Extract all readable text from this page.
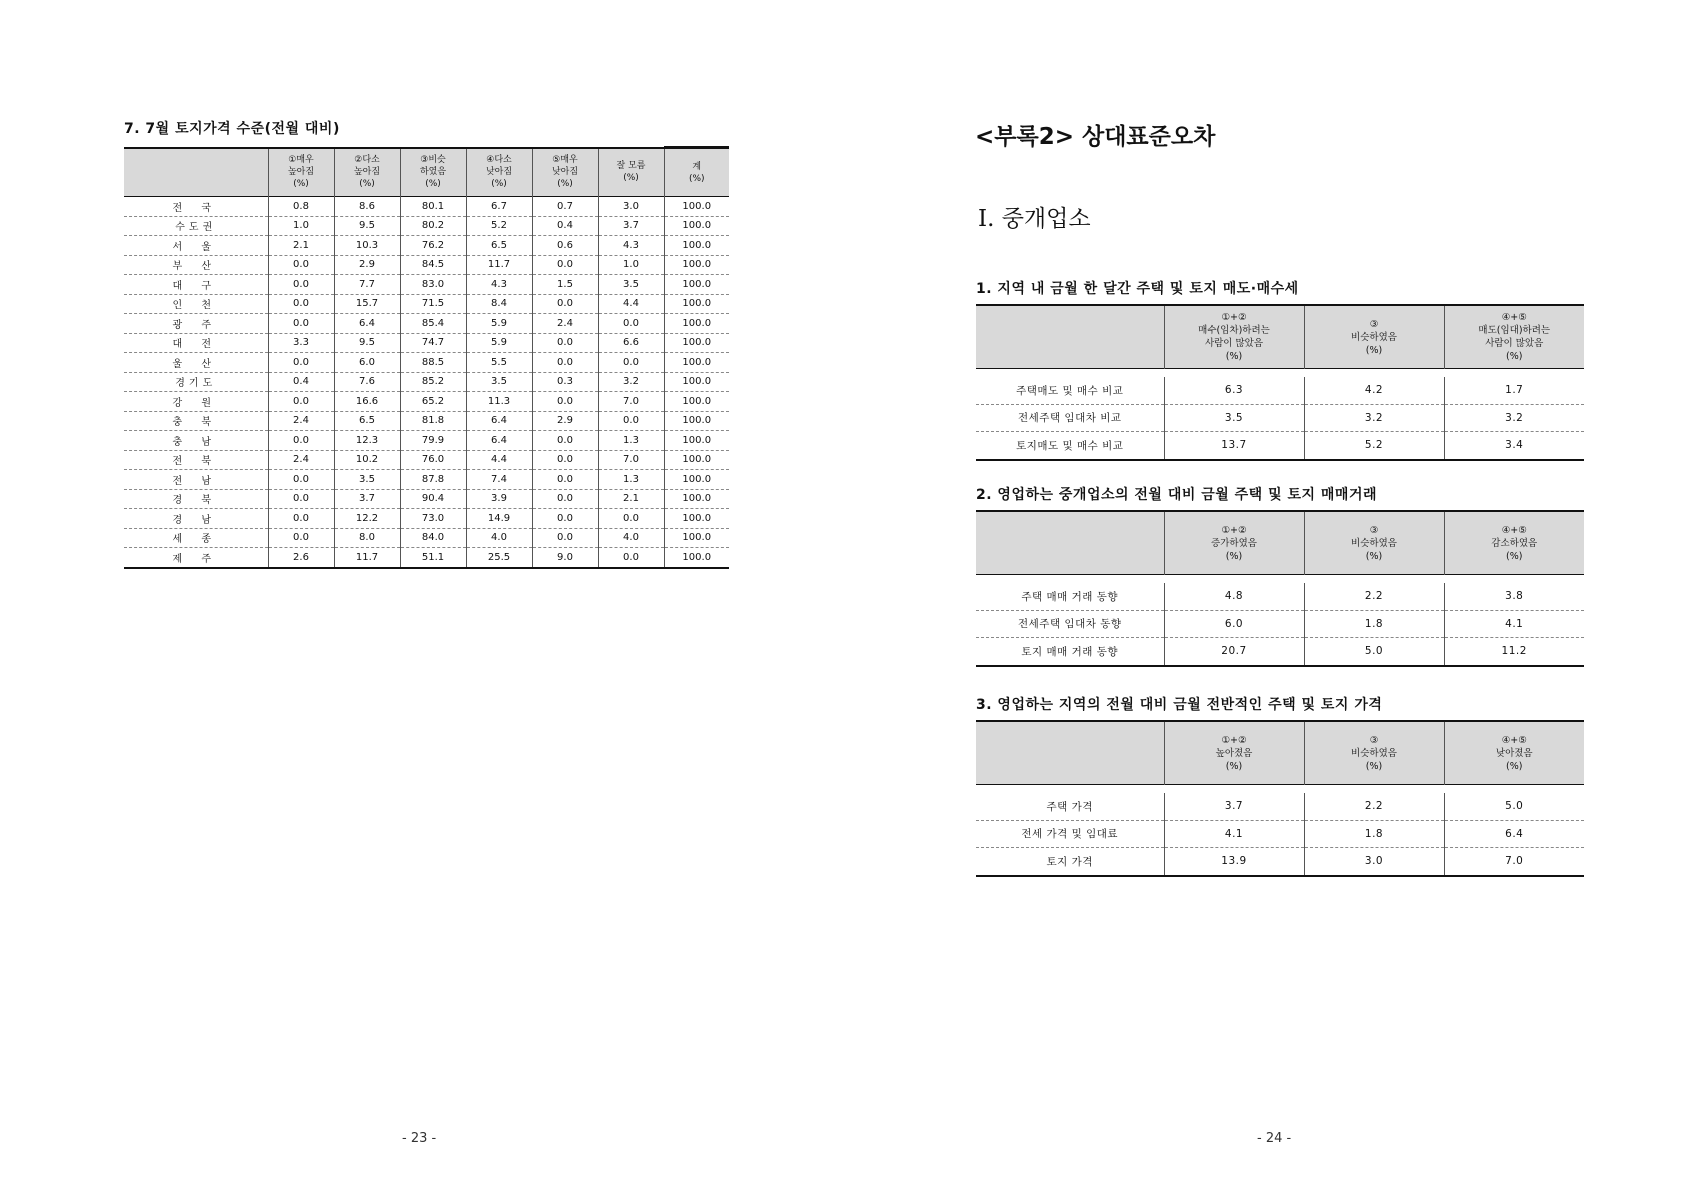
7. 7월 토지가격 수준(전월 대비)
	①매우
높아짐
(%)	②다소
높아짐
(%)	③비슷
하였음
(%)	④다소
낮아짐
(%)	⑤매우
낮아짐
(%)	잘 모름
(%)	계
(%)
전 국	0.8	8.6	80.1	6.7	0.7	3.0	100.0
수도권	1.0	9.5	80.2	5.2	0.4	3.7	100.0
서 울	2.1	10.3	76.2	6.5	0.6	4.3	100.0
부 산	0.0	2.9	84.5	11.7	0.0	1.0	100.0
대 구	0.0	7.7	83.0	4.3	1.5	3.5	100.0
인 천	0.0	15.7	71.5	8.4	0.0	4.4	100.0
광 주	0.0	6.4	85.4	5.9	2.4	0.0	100.0
대 전	3.3	9.5	74.7	5.9	0.0	6.6	100.0
울 산	0.0	6.0	88.5	5.5	0.0	0.0	100.0
경기도	0.4	7.6	85.2	3.5	0.3	3.2	100.0
강 원	0.0	16.6	65.2	11.3	0.0	7.0	100.0
충 북	2.4	6.5	81.8	6.4	2.9	0.0	100.0
충 남	0.0	12.3	79.9	6.4	0.0	1.3	100.0
전 북	2.4	10.2	76.0	4.4	0.0	7.0	100.0
전 남	0.0	3.5	87.8	7.4	0.0	1.3	100.0
경 북	0.0	3.7	90.4	3.9	0.0	2.1	100.0
경 남	0.0	12.2	73.0	14.9	0.0	0.0	100.0
세 종	0.0	8.0	84.0	4.0	0.0	4.0	100.0
제 주	2.6	11.7	51.1	25.5	9.0	0.0	100.0
- 23 -
<부록2> 상대표준오차
Ⅰ. 중개업소
1. 지역 내 금월 한 달간 주택 및 토지 매도·매수세
	①+②
매수(임차)하려는
사람이 많았음
(%)	③
비슷하였음
(%)	④+⑤
매도(임대)하려는
사람이 많았음
(%)

주택매도 및 매수 비교	6.3	4.2	1.7
전세주택 임대차 비교	3.5	3.2	3.2
토지매도 및 매수 비교	13.7	5.2	3.4
2. 영업하는 중개업소의 전월 대비 금월 주택 및 토지 매매거래
	①+②
증가하였음
(%)	③
비슷하였음
(%)	④+⑤
감소하였음
(%)

주택 매매 거래 동향	4.8	2.2	3.8
전세주택 임대차 동향	6.0	1.8	4.1
토지 매매 거래 동향	20.7	5.0	11.2
3. 영업하는 지역의 전월 대비 금월 전반적인 주택 및 토지 가격
	①+②
높아졌음
(%)	③
비슷하였음
(%)	④+⑤
낮아졌음
(%)

주택 가격	3.7	2.2	5.0
전세 가격 및 임대료	4.1	1.8	6.4
토지 가격	13.9	3.0	7.0
- 24 -
